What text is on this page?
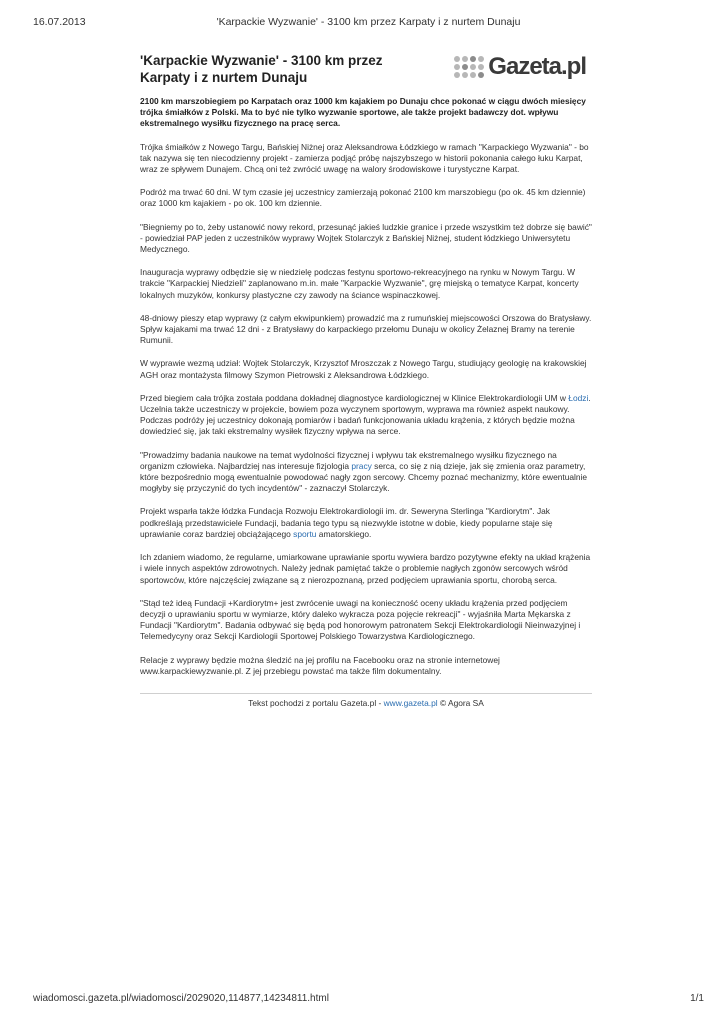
16.07.2013	'Karpackie Wyzwanie' - 3100 km przez Karpaty i z nurtem Dunaju
'Karpackie Wyzwanie' - 3100 km przez Karpaty i z nurtem Dunaju	Gazeta.pl

2100 km marszobiegiem po Karpatach oraz 1000 km kajakiem po Dunaju chce pokonać w ciągu dwóch miesięcy trójka śmiałków z Polski. Ma to być nie tylko wyzwanie sportowe, ale także projekt badawczy dot. wpływu ekstremalnego wysiłku fizycznego na pracę serca.

Trójka śmiałków z Nowego Targu, Bańskiej Niżnej oraz Aleksandrowa Łódzkiego w ramach "Karpackiego Wyzwania" - bo tak nazywa się ten niecodzienny projekt - zamierza podjąć próbę najszybszego w historii pokonania całego łuku Karpat, wraz ze spływem Dunajem. Chcą oni też zwrócić uwagę na walory środowiskowe i turystyczne Karpat.

Podróż ma trwać 60 dni. W tym czasie jej uczestnicy zamierzają pokonać 2100 km marszobiegu (po ok. 45 km dziennie) oraz 1000 km kajakiem - po ok. 100 km dziennie.

"Biegniemy po to, żeby ustanowić nowy rekord, przesunąć jakieś ludzkie granice i przede wszystkim też dobrze się bawić" - powiedział PAP jeden z uczestników wyprawy Wojtek Stolarczyk z Bańskiej Niżnej, student łódzkiego Uniwersytetu Medycznego.

Inauguracja wyprawy odbędzie się w niedzielę podczas festynu sportowo-rekreacyjnego na rynku w Nowym Targu. W trakcie "Karpackiej Niedzieli" zaplanowano m.in. małe "Karpackie Wyzwanie", grę miejską o tematyce Karpat, koncerty lokalnych muzyków, konkursy plastyczne czy zawody na ściance wspinaczkowej.

48-dniowy pieszy etap wyprawy (z całym ekwipunkiem) prowadzić ma z rumuńskiej miejscowości Orszowa do Bratysławy. Spływ kajakami ma trwać 12 dni - z Bratysławy do karpackiego przełomu Dunaju w okolicy Żelaznej Bramy na terenie Rumunii.

W wyprawie wezmą udział: Wojtek Stolarczyk, Krzysztof Mroszczak z Nowego Targu, studiujący geologię na krakowskiej AGH oraz montażysta filmowy Szymon Pietrowski z Aleksandrowa Łódzkiego.

Przed biegiem cała trójka została poddana dokładnej diagnostyce kardiologicznej w Klinice Elektrokardiologii UM w Łodzi. Uczelnia także uczestniczy w projekcie, bowiem poza wyczynem sportowym, wyprawa ma również aspekt naukowy. Podczas podróży jej uczestnicy dokonają pomiarów i badań funkcjonowania układu krążenia, z których będzie można dowiedzieć się, jak taki ekstremalny wysiłek fizyczny wpływa na serce.

"Prowadzimy badania naukowe na temat wydolności fizycznej i wpływu tak ekstremalnego wysiłku fizycznego na organizm człowieka. Najbardziej nas interesuje fizjologia pracy serca, co się z nią dzieje, jak się zmienia oraz parametry, które bezpośrednio mogą ewentualnie powodować nagły zgon sercowy. Chcemy poznać mechanizmy, które ewentualnie mogłyby się przyczynić do tych incydentów" - zaznaczył Stolarczyk.

Projekt wsparła także łódzka Fundacja Rozwoju Elektrokardiologii im. dr. Seweryna Sterlinga "Kardiorytm". Jak podkreślają przedstawiciele Fundacji, badania tego typu są niezwykle istotne w dobie, kiedy popularne staje się uprawianie coraz bardziej obciążającego sportu amatorskiego.

Ich zdaniem wiadomo, że regularne, umiarkowane uprawianie sportu wywiera bardzo pozytywne efekty na układ krążenia i wiele innych aspektów zdrowotnych. Należy jednak pamiętać także o problemie nagłych zgonów sercowych wśród sportowców, które najczęściej związane są z nierozpoznaną, przed podjęciem uprawiania sportu, chorobą serca.

"Stąd też ideą Fundacji +Kardiorytm+ jest zwrócenie uwagi na konieczność oceny układu krążenia przed podjęciem decyzji o uprawianiu sportu w wymiarze, który daleko wykracza poza pojęcie rekreacji" - wyjaśniła Marta Mękarska z Fundacji "Kardiorytm". Badania odbywać się będą pod honorowym patronatem Sekcji Elektrokardiologii Nieinwazyjnej i Telemedycyny oraz Sekcji Kardiologii Sportowej Polskiego Towarzystwa Kardiologicznego.

Relacje z wyprawy będzie można śledzić na jej profilu na Facebooku oraz na stronie internetowej www.karpackiewyzwanie.pl. Z jej przebiegu powstać ma także film dokumentalny.

Tekst pochodzi z portalu Gazeta.pl - www.gazeta.pl © Agora SA
wiadomosci.gazeta.pl/wiadomosci/2029020,114877,14234811.html	1/1
